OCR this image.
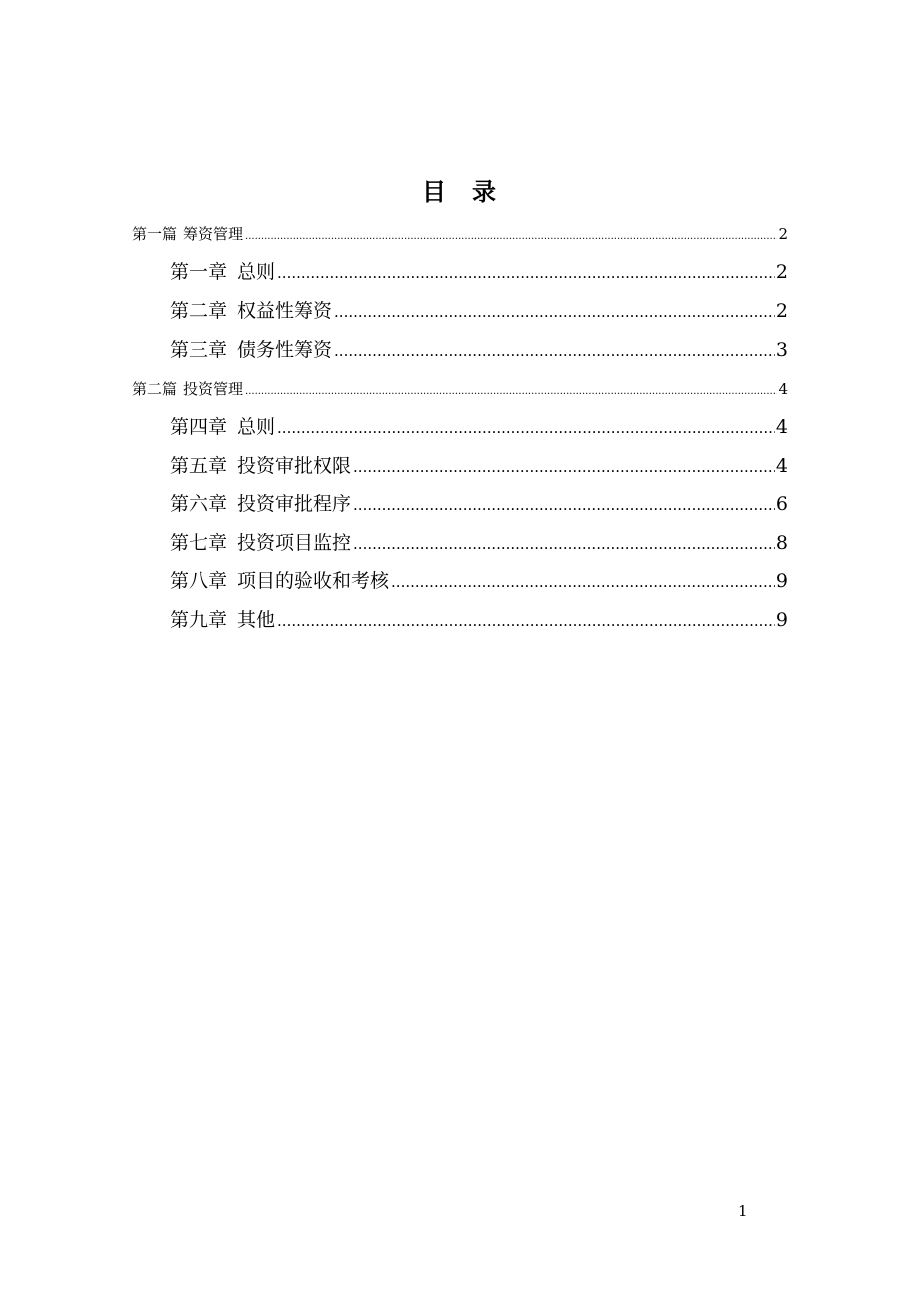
目 录
第一篇 筹资管理 .....	2
第一章 总则 .....	2
第二章 权益性筹资 .....	2
第三章 债务性筹资 .....	3
第二篇 投资管理 .....	4
第四章 总则 .....	4
第五章 投资审批权限 .....	4
第六章 投资审批程序 .....	6
第七章 投资项目监控 .....	8
第八章 项目的验收和考核 .....	9
第九章 其他 .....	9
1
